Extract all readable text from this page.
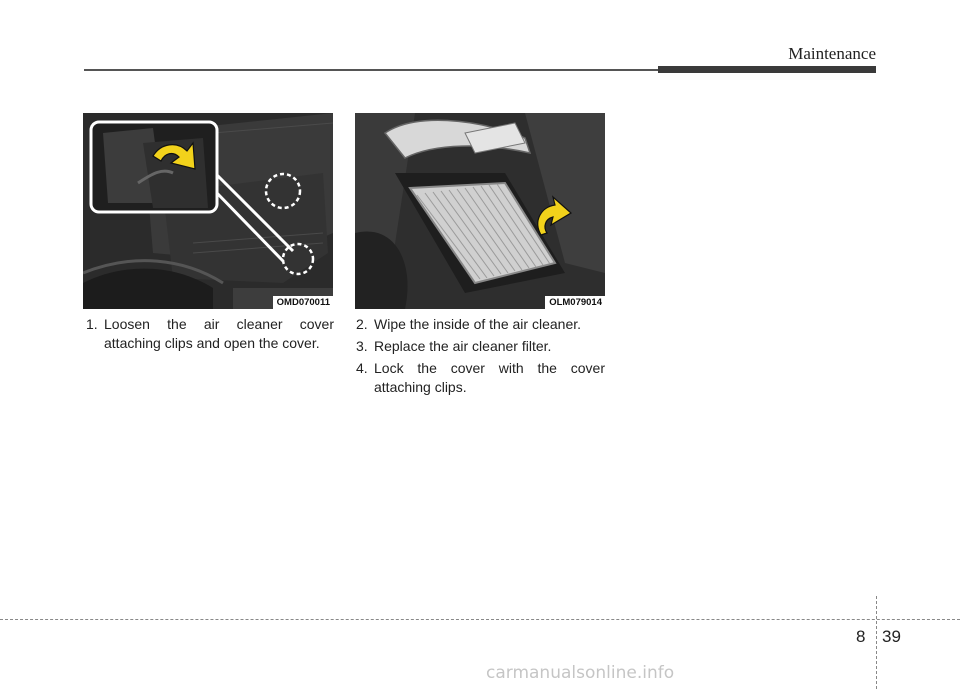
Maintenance
OMD070011	OLM079014
1. Loosen the air cleaner cover attaching clips and open the cover.
2. Wipe the inside of the air cleaner.
3. Replace the air cleaner filter.
4. Lock the cover with the cover attaching clips.
8 39
carmanualsonline.info
